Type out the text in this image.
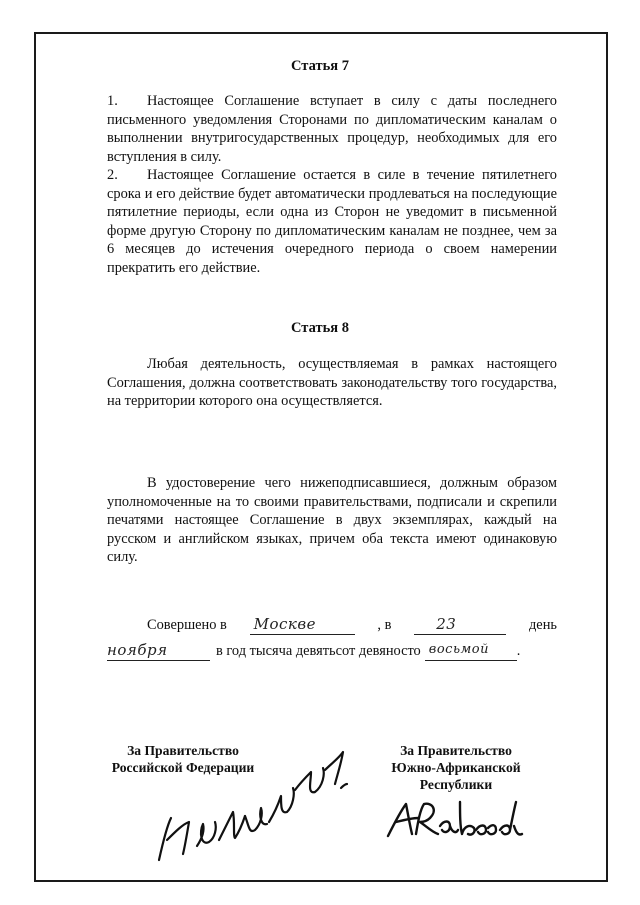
Статья 7

1. Настоящее Соглашение вступает в силу с даты последнего письменного уведомления Сторонами по дипломатическим каналам о выполнении внутригосударственных процедур, необходимых для его вступления в силу.

2. Настоящее Соглашение остается в силе в течение пятилетнего срока и его действие будет автоматически продлеваться на последующие пятилетние периоды, если одна из Сторон не уведомит в письменной форме другую Сторону по дипломатическим каналам не позднее, чем за 6 месяцев до истечения очередного периода о своем намерении прекратить его действие.

Статья 8

Любая деятельность, осуществляемая в рамках настоящего Соглашения, должна соответствовать законодательству того государства, на территории которого она осуществляется.

В удостоверение чего нижеподписавшиеся, должным образом уполномоченные на то своими правительствами, подписали и скрепили печатями настоящее Соглашение в двух экземплярах, каждый на русском и английском языках, причем оба текста имеют одинаковую силу.

Совершено в Москве	, в	23	день
ноября	в год тысяча девятьсот девяносто восьмой .
За Правительство
Российской Федерации
За Правительство
Южно-Африканской
Республики
